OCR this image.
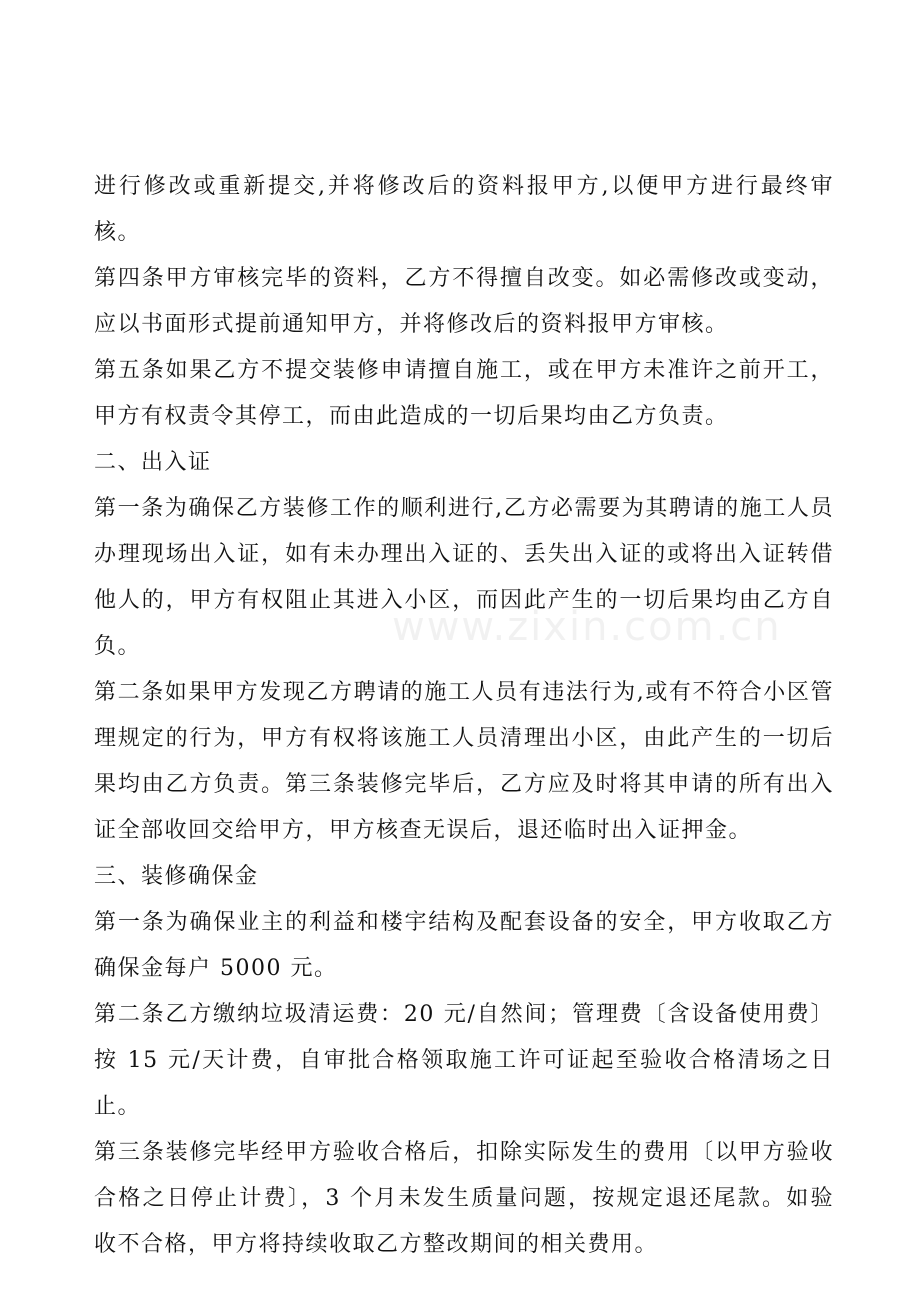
www.zixin.com.cn

进行修改或重新提交,并将修改后的资料报甲方,以便甲方进行最终审核。

第四条甲方审核完毕的资料，乙方不得擅自改变。如必需修改或变动，应以书面形式提前通知甲方，并将修改后的资料报甲方审核。

第五条如果乙方不提交装修申请擅自施工，或在甲方未准许之前开工，甲方有权责令其停工，而由此造成的一切后果均由乙方负责。

二、出入证

第一条为确保乙方装修工作的顺利进行,乙方必需要为其聘请的施工人员办理现场出入证，如有未办理出入证的、丢失出入证的或将出入证转借他人的，甲方有权阻止其进入小区，而因此产生的一切后果均由乙方自负。

第二条如果甲方发现乙方聘请的施工人员有违法行为,或有不符合小区管理规定的行为，甲方有权将该施工人员清理出小区，由此产生的一切后果均由乙方负责。第三条装修完毕后，乙方应及时将其申请的所有出入证全部收回交给甲方，甲方核查无误后，退还临时出入证押金。

三、装修确保金

第一条为确保业主的利益和楼宇结构及配套设备的安全，甲方收取乙方确保金每户 5000 元。

第二条乙方缴纳垃圾清运费：20 元/自然间；管理费〔含设备使用费〕按 15 元/天计费，自审批合格领取施工许可证起至验收合格清场之日止。

第三条装修完毕经甲方验收合格后，扣除实际发生的费用〔以甲方验收合格之日停止计费〕，3 个月未发生质量问题，按规定退还尾款。如验收不合格，甲方将持续收取乙方整改期间的相关费用。
